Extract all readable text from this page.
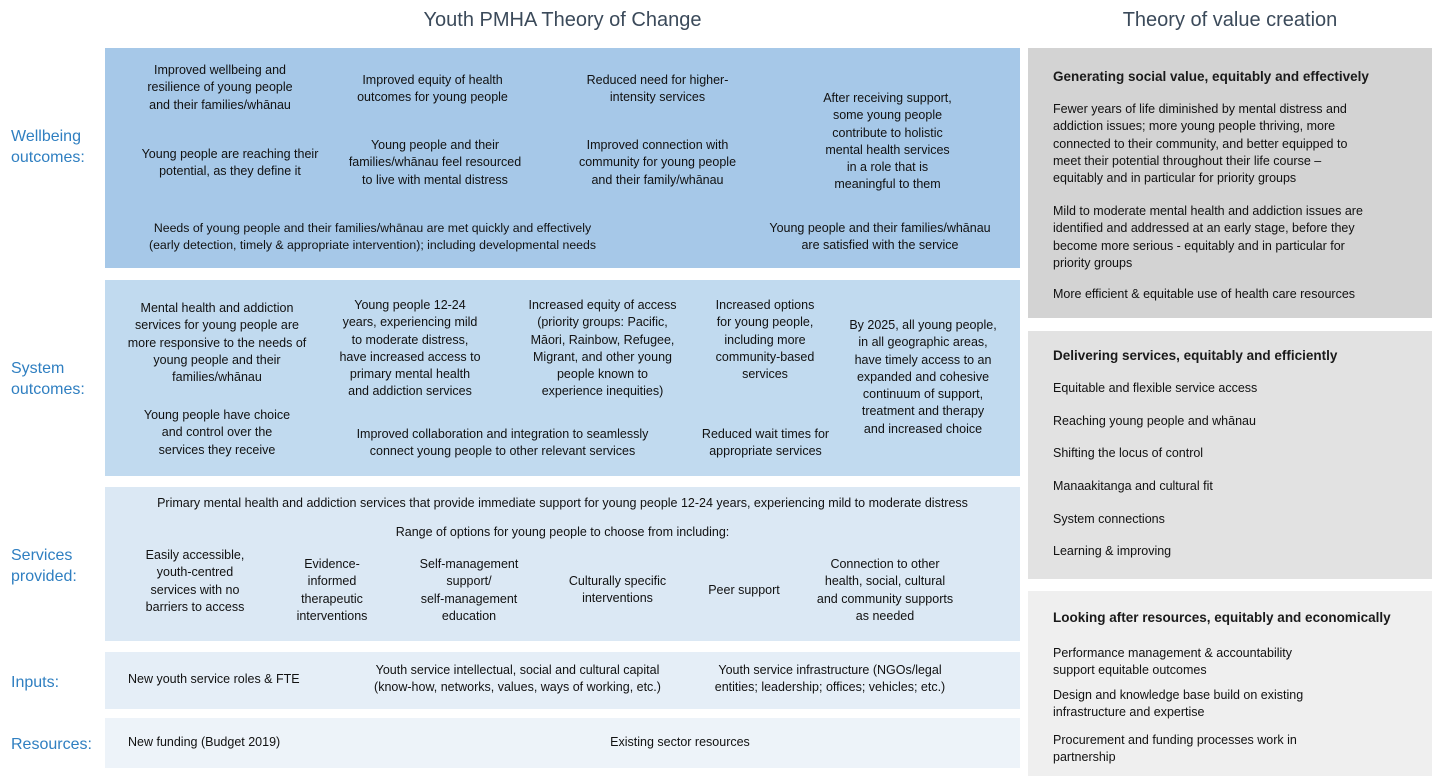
Youth PMHA Theory of Change	Theory of value creation
Wellbeing
outcomes:
System
outcomes:
Services
provided:
Inputs:
Resources:
Improved wellbeing and
resilience of young people
and their families/whānau
Improved equity of health
outcomes for young people
Reduced need for higher-
intensity services	After receiving support,
some young people
contribute to holistic
mental health services
in a role that is
meaningful to them
Young people are reaching their
potential, as they define it
Young people and their
families/whānau feel resourced
to live with mental distress
Improved connection with
community for young people
and their family/whānau
Needs of young people and their families/whānau are met quickly and effectively
(early detection, timely & appropriate intervention); including developmental needs
Young people and their families/whānau
are satisfied with the service
Mental health and addiction
services for young people are
more responsive to the needs of
young people and their
families/whānau
Young people 12-24
years, experiencing mild
to moderate distress,
have increased access to
primary mental health
and addiction services
Increased equity of access
(priority groups: Pacific,
Māori, Rainbow, Refugee,
Migrant, and other young
people known to
experience inequities)
Increased options
for young people,
including more
community-based
services
By 2025, all young people,
in all geographic areas,
have timely access to an
expanded and cohesive
continuum of support,
treatment and therapy
and increased choice
Young people have choice
and control over the
services they receive
Improved collaboration and integration to seamlessly
connect young people to other relevant services
Reduced wait times for
appropriate services
Primary mental health and addiction services that provide immediate support for young people 12-24 years, experiencing mild to moderate distress
Range of options for young people to choose from including:
Easily accessible,
youth-centred
services with no
barriers to access
Evidence-
informed
therapeutic
interventions
Self-management
support/
self-management
education
Culturally specific
interventions
Peer support
Connection to other
health, social, cultural
and community supports
as needed
New youth service roles & FTE
Youth service intellectual, social and cultural capital
(know-how, networks, values, ways of working, etc.)
Youth service infrastructure (NGOs/legal
entities; leadership; offices; vehicles; etc.)
New funding (Budget 2019)	Existing sector resources
Generating social value, equitably and effectively
Fewer years of life diminished by mental distress and
addiction issues; more young people thriving, more
connected to their community, and better equipped to
meet their potential throughout their life course –
equitably and in particular for priority groups
Mild to moderate mental health and addiction issues are
identified and addressed at an early stage, before they
become more serious - equitably and in particular for
priority groups
More efficient & equitable use of health care resources
Delivering services, equitably and efficiently
Equitable and flexible service access
Reaching young people and whānau
Shifting the locus of control
Manaakitanga and cultural fit
System connections
Learning & improving
Looking after resources, equitably and economically
Performance management & accountability
support equitable outcomes
Design and knowledge base build on existing
infrastructure and expertise
Procurement and funding processes work in
partnership
